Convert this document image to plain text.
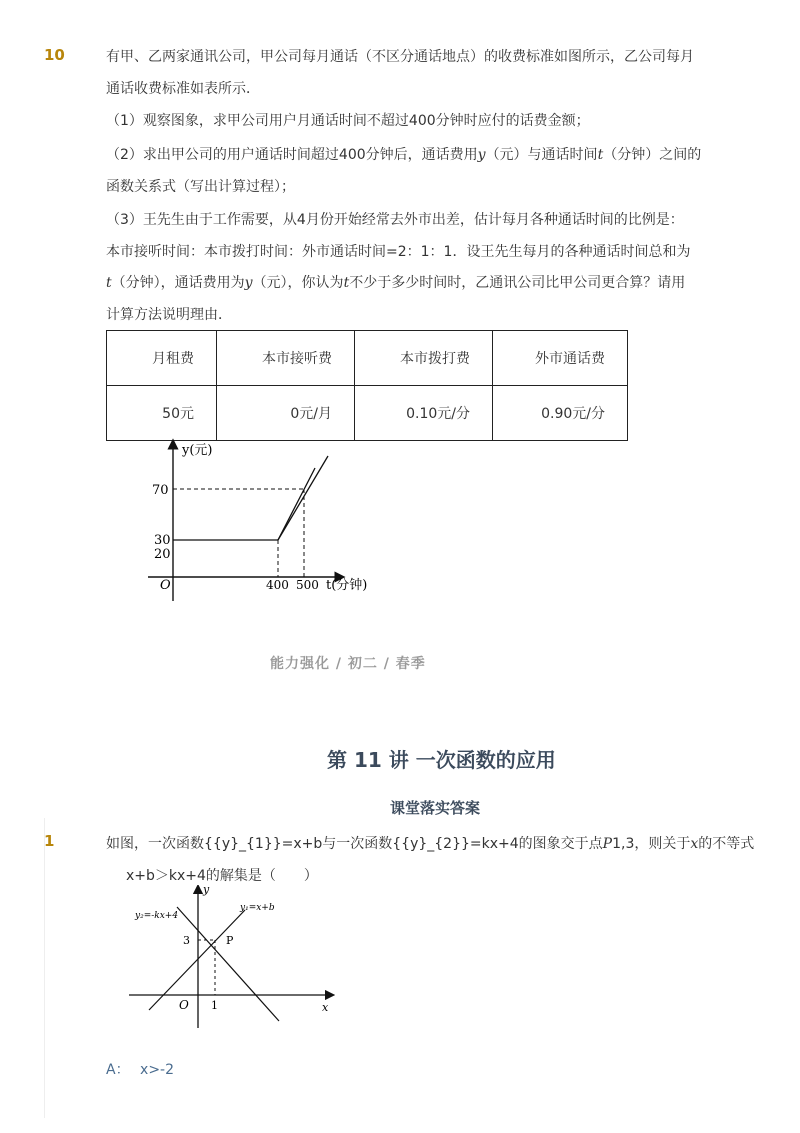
10	有甲、乙两家通讯公司，甲公司每月通话（不区分通话地点）的收费标准如图所示，乙公司每月
通话收费标准如表所示．
（1）观察图象，求甲公司用户月通话时间不超过400分钟时应付的话费金额；
（2）求出甲公司的用户通话时间超过400分钟后，通话费用y（元）与通话时间t（分钟）之间的
函数关系式（写出计算过程）；
（3）王先生由于工作需要，从4月份开始经常去外市出差，估计每月各种通话时间的比例是：
本市接听时间：本市拨打时间：外市通话时间=2：1：1．设王先生每月的各种通话时间总和为
t（分钟），通话费用为y（元），你认为t不少于多少时间时，乙通讯公司比甲公司更合算？请用
计算方法说明理由．
月租费	本市接听费	本市拨打费	外市通话费
50元	0元/月	0.10元/分	0.90元/分
y(元)
70
30
20
O	400 500 t(分钟)
能力强化 / 初二 / 春季
第 11 讲 一次函数的应用
课堂落实答案
1	如图，一次函数{{y}_{1}}=x+b与一次函数{{y}_{2}}=kx+4的图象交于点P1,3，则关于x的不等式
x+b＞kx+4的解集是（　　）
y
x
O 1
3	P
y₂=-kx+4
y₁=x+b
A： x>-2
